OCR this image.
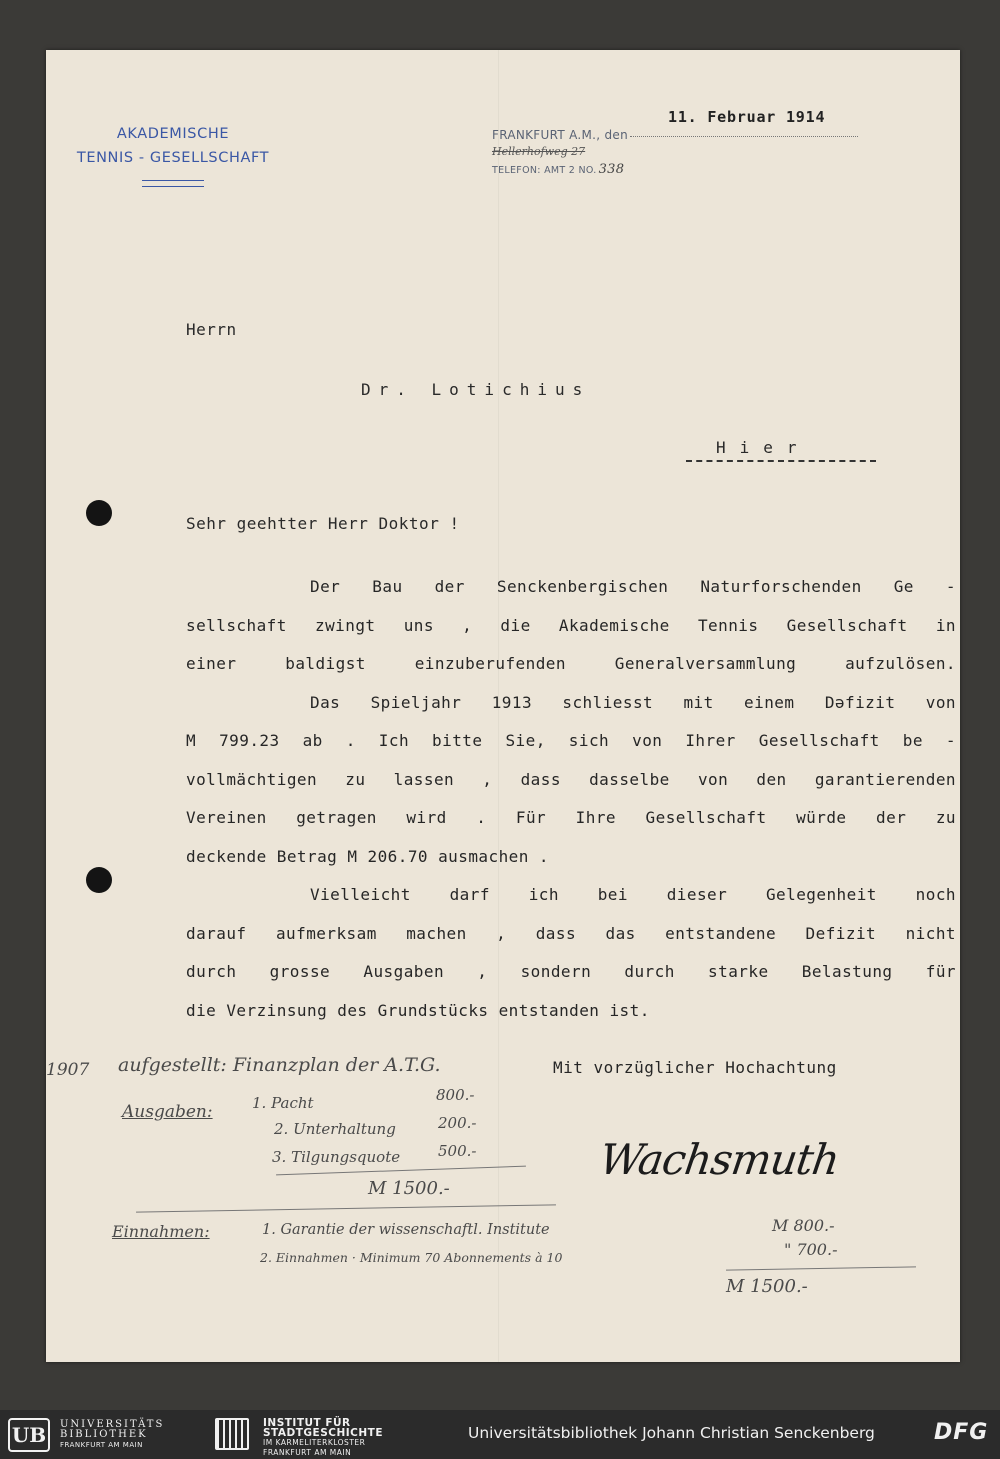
AKADEMISCHE
TENNIS - GESELLSCHAFT
FRANKFURT A.M., den
Hellerhofweg 27
TELEFON: AMT 2 NO. 338
11. Februar 1914
Herrn
Dr. Lotichius
Hier
Sehr geehtter Herr Doktor !

Der Bau der Senckenbergischen Naturforschenden Ge -

sellschaft zwingt uns , die Akademische Tennis Gesellschaft in

einer baldigst einzuberufenden Generalversammlung aufzulösen.

Das Spieljahr 1913 schliesst mit einem Dəfizit von

M 799.23 ab . Ich bitte Sie, sich von Ihrer Gesellschaft be -

vollmächtigen zu lassen , dass dasselbe von den garantierenden

Vereinen getragen wird . Für Ihre Gesellschaft würde der zu

deckende Betrag M 206.70 ausmachen .

Vielleicht darf ich bei dieser Gelegenheit noch

darauf aufmerksam machen , dass das entstandene Defizit nicht

durch grosse Ausgaben , sondern durch starke Belastung für

die Verzinsung des Grundstücks entstanden ist.

Mit vorzüglicher Hochachtung
1907 aufgestellt: Finanzplan der A.T.G.
Ausgaben:	1. Pacht	800.-
2. Unterhaltung	200.-
3. Tilgungsquote	500.-
M 1500.-
Einnahmen:	1. Garantie der wissenschaftl. Institute	M 800.-
2. Einnahmen · Minimum 70 Abonnements à 10	" 700.-
M 1500.-
Wachsmuth
UB	UNIVERSITÄTS
BIBLIOTHEK
FRANKFURT AM MAIN
INSTITUT FÜR
STADTGESCHICHTE
IM KARMELITERKLOSTER
FRANKFURT AM MAIN
Universitätsbibliothek Johann Christian Senckenberg	DFG
